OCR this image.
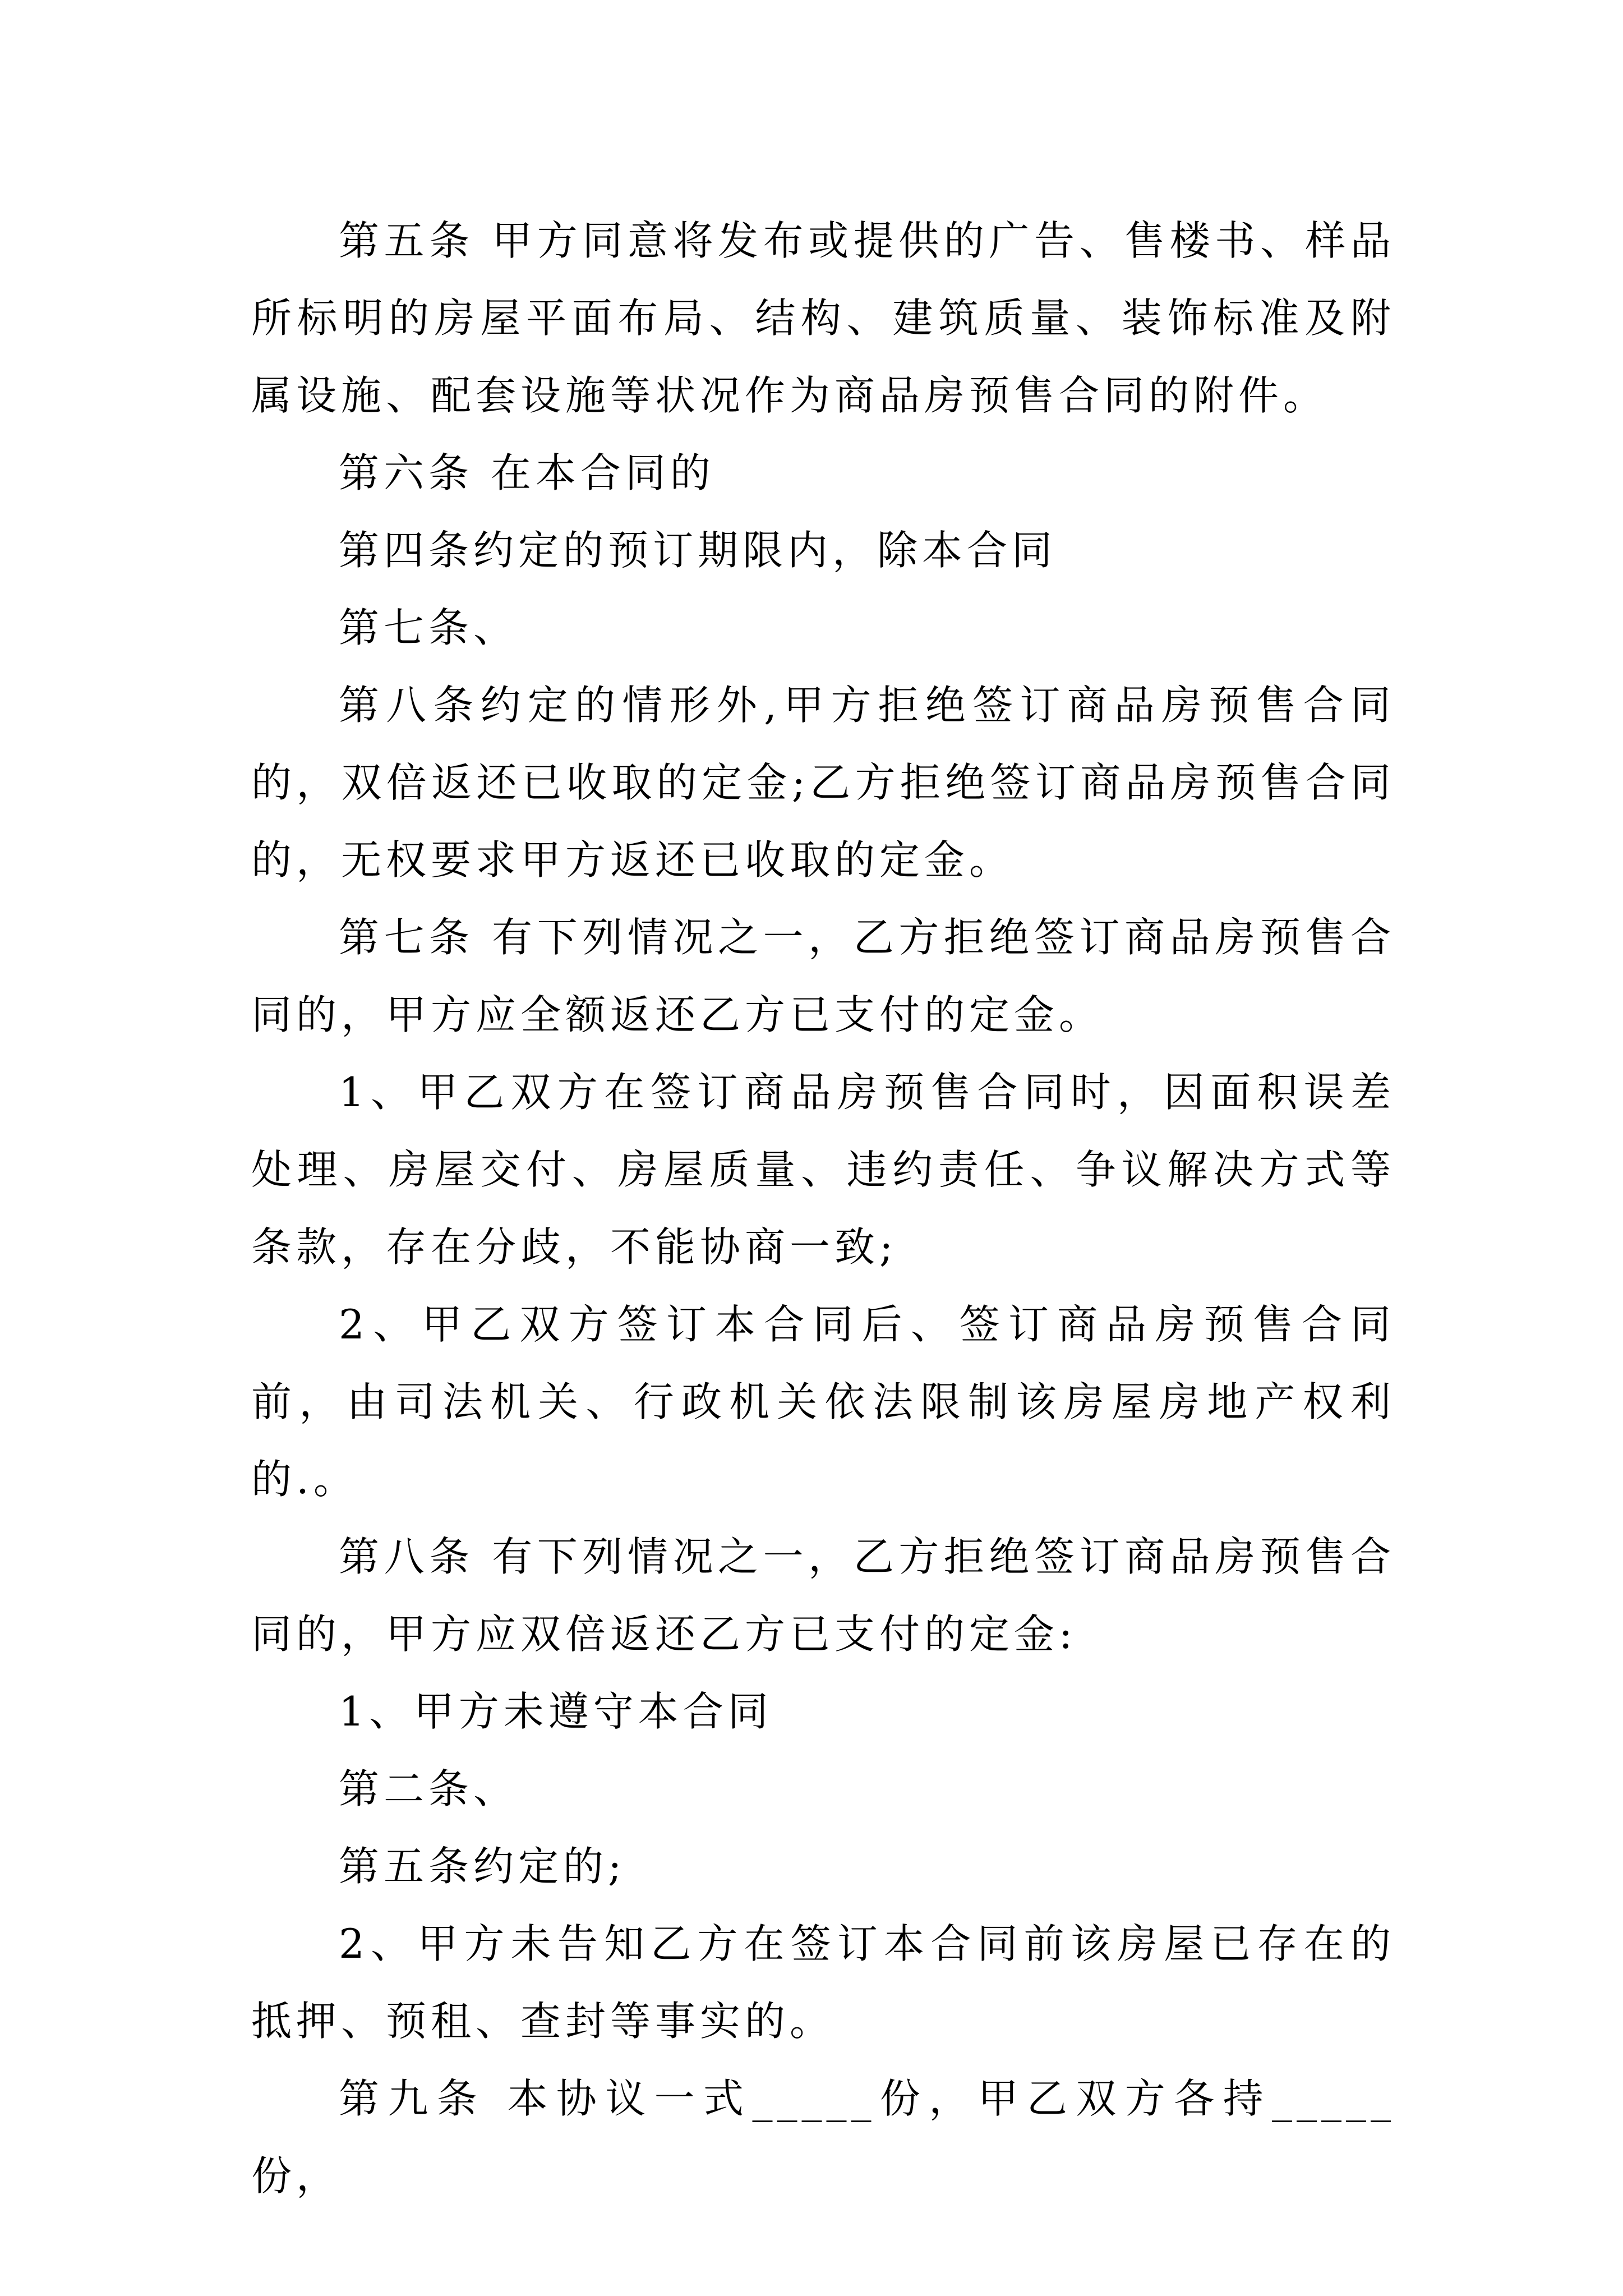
第五条 甲方同意将发布或提供的广告、售楼书、样品所标明的房屋平面布局、结构、建筑质量、装饰标准及附属设施、配套设施等状况作为商品房预售合同的附件。

第六条 在本合同的

第四条约定的预订期限内，除本合同

第七条、

第八条约定的情形外,甲方拒绝签订商品房预售合同的，双倍返还已收取的定金;乙方拒绝签订商品房预售合同的，无权要求甲方返还已收取的定金。

第七条 有下列情况之一，乙方拒绝签订商品房预售合同的，甲方应全额返还乙方已支付的定金。

1、甲乙双方在签订商品房预售合同时，因面积误差处理、房屋交付、房屋质量、违约责任、争议解决方式等条款，存在分歧，不能协商一致;

2、甲乙双方签订本合同后、签订商品房预售合同前，由司法机关、行政机关依法限制该房屋房地产权利的.。

第八条 有下列情况之一，乙方拒绝签订商品房预售合同的，甲方应双倍返还乙方已支付的定金:

1、甲方未遵守本合同

第二条、

第五条约定的;

2、甲方未告知乙方在签订本合同前该房屋已存在的抵押、预租、查封等事实的。

第九条 本协议一式_____份，甲乙双方各持_____份，
